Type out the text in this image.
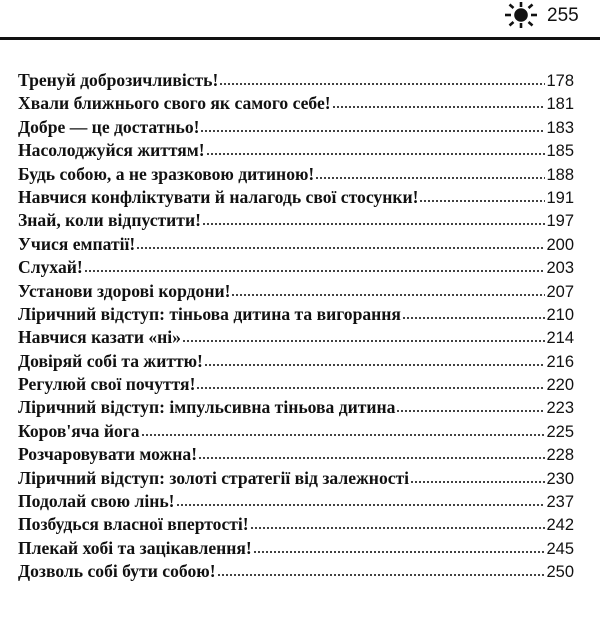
255
Тренуй доброзичливість!	178
Хвали ближнього свого як самого себе!	181
Добре — це достатньо!	183
Насолоджуйся життям!	185
Будь собою, а не зразковою дитиною!	188
Навчися конфліктувати й налагодь свої стосунки!	191
Знай, коли відпустити!	197
Учися емпатії!	200
Слухай!	203
Установи здорові кордони!	207
Ліричний відступ: тіньова дитина та вигорання	210
Навчися казати «ні»	214
Довіряй собі та життю!	216
Регулюй свої почуття!	220
Ліричний відступ: імпульсивна тіньова дитина	223
Коров'яча йога	225
Розчаровувати можна!	228
Ліричний відступ: золоті стратегії від залежності	230
Подолай свою лінь!	237
Позбудься власної впертості!	242
Плекай хобі та зацікавлення!	245
Дозволь собі бути собою!	250
